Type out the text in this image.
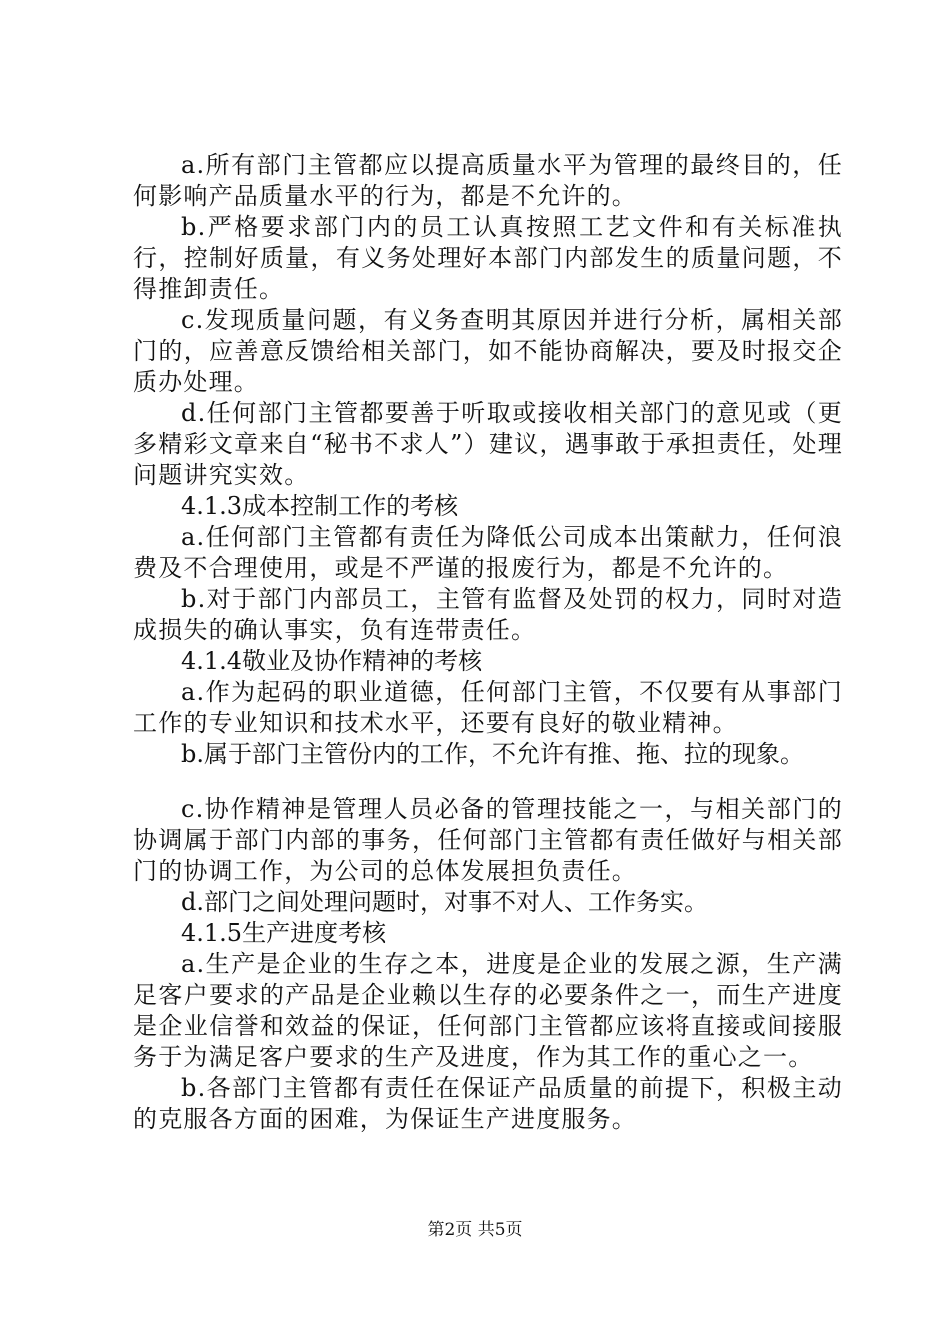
a.所有部门主管都应以提高质量水平为管理的最终目的，任何影响产品质量水平的行为，都是不允许的。

b.严格要求部门内的员工认真按照工艺文件和有关标准执行，控制好质量，有义务处理好本部门内部发生的质量问题，不得推卸责任。

c.发现质量问题，有义务查明其原因并进行分析，属相关部门的，应善意反馈给相关部门，如不能协商解决，要及时报交企质办处理。

d.任何部门主管都要善于听取或接收相关部门的意见或（更多精彩文章来自“秘书不求人”）建议，遇事敢于承担责任，处理问题讲究实效。

4.1.3成本控制工作的考核

a.任何部门主管都有责任为降低公司成本出策献力，任何浪费及不合理使用，或是不严谨的报废行为，都是不允许的。

b.对于部门内部员工，主管有监督及处罚的权力，同时对造成损失的确认事实，负有连带责任。

4.1.4敬业及协作精神的考核

a.作为起码的职业道德，任何部门主管，不仅要有从事部门工作的专业知识和技术水平，还要有良好的敬业精神。

b.属于部门主管份内的工作，不允许有推、拖、拉的现象。

c.协作精神是管理人员必备的管理技能之一，与相关部门的协调属于部门内部的事务，任何部门主管都有责任做好与相关部门的协调工作，为公司的总体发展担负责任。

d.部门之间处理问题时，对事不对人、工作务实。

4.1.5生产进度考核

a.生产是企业的生存之本，进度是企业的发展之源，生产满足客户要求的产品是企业赖以生存的必要条件之一，而生产进度是企业信誉和效益的保证，任何部门主管都应该将直接或间接服务于为满足客户要求的生产及进度，作为其工作的重心之一。

b.各部门主管都有责任在保证产品质量的前提下，积极主动的克服各方面的困难，为保证生产进度服务。

第2页 共5页
